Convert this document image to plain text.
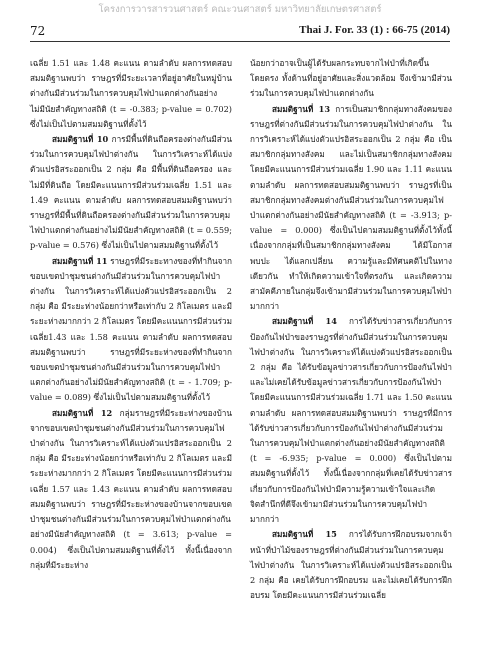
โครงการวารสารวนศาสตร์ คณะวนศาสตร์ มหาวิทยาลัยเกษตรศาสตร์
72	Thai J. For. 33 (1) : 66-75 (2014)

เฉลี่ย 1.51 และ 1.48 คะแนน ตามลำดับ ผลการทดสอบสมมติฐานพบว่า ราษฎรที่มีระยะเวลาที่อยู่อาศัยในหมู่บ้านต่างกันมีส่วนร่วมในการควบคุมไฟป่าแตกต่างกันอย่างไม่มีนัยสำคัญทางสถิติ (t = -0.383; p-value = 0.702) ซึ่งไม่เป็นไปตามสมมติฐานที่ตั้งไว้

สมมติฐานที่ 10 การมีพื้นที่ดินถือครองต่างกันมีส่วนร่วมในการควบคุมไฟป่าต่างกัน ในการวิเคราะห์ได้แบ่งตัวแปรอิสระออกเป็น 2 กลุ่ม คือ มีพื้นที่ดินถือครอง และไม่มีที่ดินถือ โดยมีคะแนนการมีส่วนร่วมเฉลี่ย 1.51 และ 1.49 คะแนน ตามลำดับ ผลการทดสอบสมมติฐานพบว่า ราษฎรที่มีพื้นที่ดินถือครองต่างกันมีส่วนร่วมในการควบคุมไฟป่าแตกต่างกันอย่างไม่มีนัยสำคัญทางสถิติ (t = 0.559; p-value = 0.576) ซึ่งไม่เป็นไปตามสมมติฐานที่ตั้งไว้

สมมติฐานที่ 11 ราษฎรที่มีระยะทางของที่ทำกินจากขอบเขตป่าชุมชนต่างกันมีส่วนร่วมในการควบคุมไฟป่าต่างกัน ในการวิเคราะห์ได้แบ่งตัวแปรอิสระออกเป็น 2 กลุ่ม คือ มีระยะห่างน้อยกว่าหรือเท่ากับ 2 กิโลเมตร และมีระยะห่างมากกว่า 2 กิโลเมตร โดยมีคะแนนการมีส่วนร่วมเฉลี่ย1.43 และ 1.58 คะแนน ตามลำดับ ผลการทดสอบสมมติฐานพบว่า ราษฎรที่มีระยะห่างของที่ทำกินจากขอบเขตป่าชุมชนต่างกันมีส่วนร่วมในการควบคุมไฟป่าแตกต่างกันอย่างไม่มีนัยสำคัญทางสถิติ (t = - 1.709; p-value = 0.089) ซึ่งไม่เป็นไปตามสมมติฐานที่ตั้งไว้

สมมติฐานที่ 12 กลุ่มราษฎรที่มีระยะห่างของบ้านจากขอบเขตป่าชุมชนต่างกันมีส่วนร่วมในการควบคุมไฟป่าต่างกัน ในการวิเคราะห์ได้แบ่งตัวแปรอิสระออกเป็น 2 กลุ่ม คือ มีระยะห่างน้อยกว่าหรือเท่ากับ 2 กิโลเมตร และมีระยะห่างมากกว่า 2 กิโลเมตร โดยมีคะแนนการมีส่วนร่วมเฉลี่ย 1.57 และ 1.43 คะแนน ตามลำดับ ผลการทดสอบสมมติฐานพบว่า ราษฎรที่มีระยะห่างของบ้านจากขอบเขตป่าชุมชนต่างกันมีส่วนร่วมในการควบคุมไฟป่าแตกต่างกันอย่างมีนัยสำคัญทางสถิติ (t = 3.613; p-value = 0.004) ซึ่งเป็นไปตามสมมติฐานที่ตั้งไว้ ทั้งนี้เนื่องจาก กลุ่มที่มีระยะห่าง

น้อยกว่าอาจเป็นผู้ได้รับผลกระทบจากไฟป่าที่เกิดขึ้นโดยตรง ทั้งด้านที่อยู่อาศัยและสิ่งแวดล้อม จึงเข้ามามีส่วนร่วมในการควบคุมไฟป่าแตกต่างกัน

สมมติฐานที่ 13 การเป็นสมาชิกกลุ่มทางสังคมของราษฎรที่ต่างกันมีส่วนร่วมในการควบคุมไฟป่าต่างกัน ในการวิเคราะห์ได้แบ่งตัวแปรอิสระออกเป็น 2 กลุ่ม คือ เป็นสมาชิกกลุ่มทางสังคม และไม่เป็นสมาชิกกลุ่มทางสังคม โดยมีคะแนนการมีส่วนร่วมเฉลี่ย 1.90 และ 1.11 คะแนน ตามลำดับ ผลการทดสอบสมมติฐานพบว่า ราษฎรที่เป็นสมาชิกกลุ่มทางสังคมต่างกันมีส่วนร่วมในการควบคุมไฟป่าแตกต่างกันอย่างมีนัยสำคัญทางสถิติ (t = -3.913; p-value = 0.000) ซึ่งเป็นไปตามสมมติฐานที่ตั้งไว้ทั้งนี้เนื่องจากกลุ่มที่เป็นสมาชิกกลุ่มทางสังคม ได้มีโอกาสพบปะ ได้แลกเปลี่ยน ความรู้และมีทัศนคติไปในทางเดียวกัน ทำให้เกิดความเข้าใจที่ตรงกัน และเกิดความสามัคคีภายในกลุ่มจึงเข้ามามีส่วนร่วมในการควบคุมไฟป่ามากกว่า

สมมติฐานที่ 14 การได้รับข่าวสารเกี่ยวกับการป้องกันไฟป่าของราษฎรที่ต่างกันมีส่วนร่วมในการควบคุมไฟป่าต่างกัน ในการวิเคราะห์ได้แบ่งตัวแปรอิสระออกเป็น 2 กลุ่ม คือ ได้รับข้อมูลข่าวสารเกี่ยวกับการป้องกันไฟป่า และไม่เคยได้รับข้อมูลข่าวสารเกี่ยวกับการป้องกันไฟป่า โดยมีคะแนนการมีส่วนร่วมเฉลี่ย 1.71 และ 1.50 คะแนน ตามลำดับ ผลการทดสอบสมมติฐานพบว่า ราษฎรที่มีการได้รับข่าวสารเกี่ยวกับการป้องกันไฟป่าต่างกันมีส่วนร่วมในการควบคุมไฟป่าแตกต่างกันอย่างมีนัยสำคัญทางสถิติ (t = -6.935; p-value = 0.000) ซึ่งเป็นไปตามสมมติฐานที่ตั้งไว้ ทั้งนี้เนื่องจากกลุ่มที่เคยได้รับข่าวสารเกี่ยวกับการป้องกันไฟป่ามีความรู้ความเข้าใจและเกิดจิตสำนึกที่ดีจึงเข้ามามีส่วนร่วมในการควบคุมไฟป่ามากกว่า

สมมติฐานที่ 15 การได้รับการฝึกอบรมจากเจ้าหน้าที่ป่าไม้ของราษฎรที่ต่างกันมีส่วนร่วมในการควบคุมไฟป่าต่างกัน ในการวิเคราะห์ได้แบ่งตัวแปรอิสระออกเป็น 2 กลุ่ม คือ เคยได้รับการฝึกอบรม และไม่เคยได้รับการฝึกอบรม โดยมีคะแนนการมีส่วนร่วมเฉลี่ย
